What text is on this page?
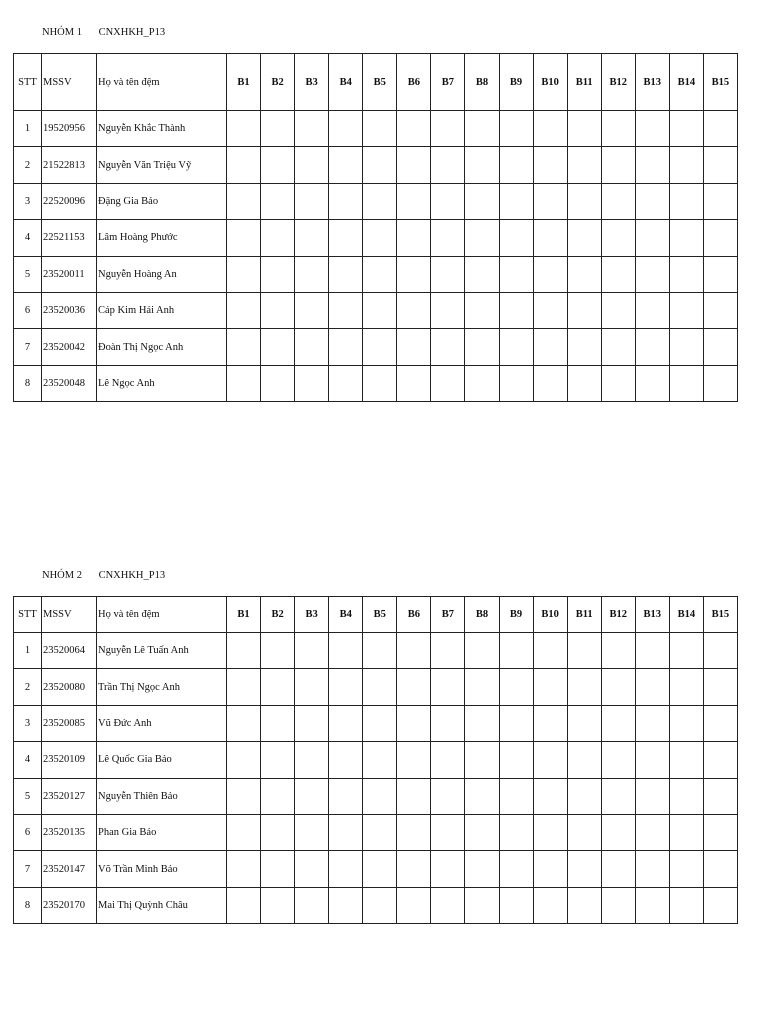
NHÓM 1 CNXHKH_P13
STT	MSSV	Họ và tên đệm	B1	B2	B3	B4	B5	B6	B7	B8	B9	B10	B11	B12	B13	B14	B15
1	19520956	Nguyễn Khắc Thành															
2	21522813	Nguyễn Văn Triệu Vỹ															
3	22520096	Đặng Gia Bảo															
4	22521153	Lâm Hoàng Phước															
5	23520011	Nguyễn Hoàng An															
6	23520036	Cáp Kim Hải Anh															
7	23520042	Đoàn Thị Ngọc Anh															
8	23520048	Lê Ngọc Anh															
NHÓM 2 CNXHKH_P13
STT	MSSV	Họ và tên đệm	B1	B2	B3	B4	B5	B6	B7	B8	B9	B10	B11	B12	B13	B14	B15
1	23520064	Nguyễn Lê Tuấn Anh															
2	23520080	Trần Thị Ngọc Anh															
3	23520085	Vũ Đức Anh															
4	23520109	Lê Quốc Gia Bảo															
5	23520127	Nguyễn Thiên Bảo															
6	23520135	Phan Gia Bảo															
7	23520147	Võ Trần Minh Bảo															
8	23520170	Mai Thị Quỳnh Châu															
